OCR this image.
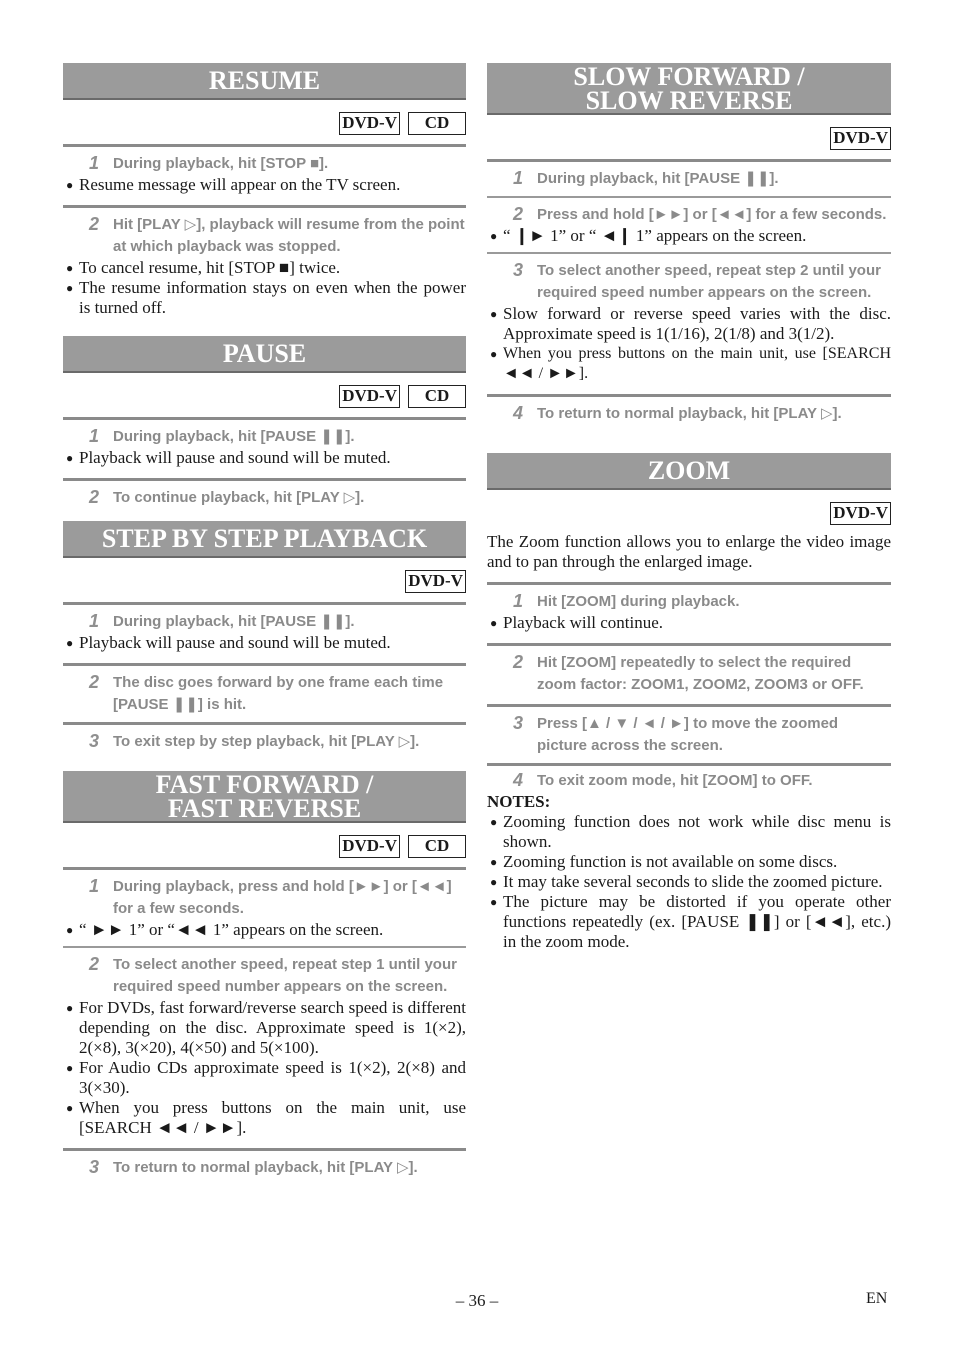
RESUME
DVD-V CD
1 During playback, hit [STOP ■].
● Resume message will appear on the TV screen.
2 Hit [PLAY ▷], playback will resume from the point at which playback was stopped.
● To cancel resume, hit [STOP ■] twice.
● The resume information stays on even when the power is turned off.
PAUSE
DVD-V CD
1 During playback, hit [PAUSE ❚❚].
● Playback will pause and sound will be muted.
2 To continue playback, hit [PLAY ▷].
STEP BY STEP PLAYBACK
DVD-V
1 During playback, hit [PAUSE ❚❚].
● Playback will pause and sound will be muted.
2 The disc goes forward by one frame each time [PAUSE ❚❚] is hit.
3 To exit step by step playback, hit [PLAY ▷].
FAST FORWARD /
FAST REVERSE
DVD-V CD
1 During playback, press and hold [►►] or [◄◄] for a few seconds.
● “ ►► 1” or “◄◄ 1” appears on the screen.
2 To select another speed, repeat step 1 until your required speed number appears on the screen.
● For DVDs, fast forward/reverse search speed is different depending on the disc. Approximate speed is 1(×2), 2(×8), 3(×20), 4(×50) and 5(×100).
● For Audio CDs approximate speed is 1(×2), 2(×8) and 3(×30).
● When you press buttons on the main unit, use [SEARCH ◄◄ / ►►].
3 To return to normal playback, hit [PLAY ▷].
SLOW FORWARD /
SLOW REVERSE
DVD-V
1 During playback, hit [PAUSE ❚❚].
2 Press and hold [►►] or [◄◄] for a few seconds.
● “ ❙► 1” or “ ◄❙ 1” appears on the screen.
3 To select another speed, repeat step 2 until your required speed number appears on the screen.
● Slow forward or reverse speed varies with the disc. Approximate speed is 1(1/16), 2(1/8) and 3(1/2).
● When you press buttons on the main unit, use [SEARCH ◄◄ / ►►].
4 To return to normal playback, hit [PLAY ▷].
ZOOM
DVD-V
The Zoom function allows you to enlarge the video image and to pan through the enlarged image.
1 Hit [ZOOM] during playback.
● Playback will continue.
2 Hit [ZOOM] repeatedly to select the required zoom factor: ZOOM1, ZOOM2, ZOOM3 or OFF.
3 Press [▲ / ▼ / ◄ / ►] to move the zoomed picture across the screen.
4 To exit zoom mode, hit [ZOOM] to OFF.
NOTES:
● Zooming function does not work while disc menu is shown.
● Zooming function is not available on some discs.
● It may take several seconds to slide the zoomed picture.
● The picture may be distorted if you operate other functions repeatedly (ex. [PAUSE ❚❚] or [◄◄], etc.) in the zoom mode.
– 36 –	EN
